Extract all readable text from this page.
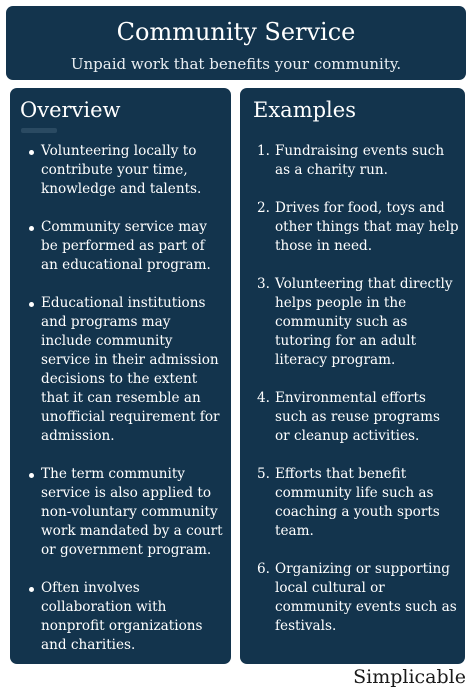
Community Service
Unpaid work that benefits your community.
Overview
Volunteering locally to contribute your time, knowledge and talents.
Community service may be performed as part of an educational program.
Educational institutions and programs may include community service in their admission decisions to the extent that it can resemble an unofficial requirement for admission.
The term community service is also applied to non-voluntary community work mandated by a court or government program.
Often involves collaboration with nonprofit organizations and charities.
Examples
1. Fundraising events such as a charity run.
2. Drives for food, toys and other things that may help those in need.
3. Volunteering that directly helps people in the community such as tutoring for an adult literacy program.
4. Environmental efforts such as reuse programs or cleanup activities.
5. Efforts that benefit community life such as coaching a youth sports team.
6. Organizing or supporting local cultural or community events such as festivals.
Simplicable
